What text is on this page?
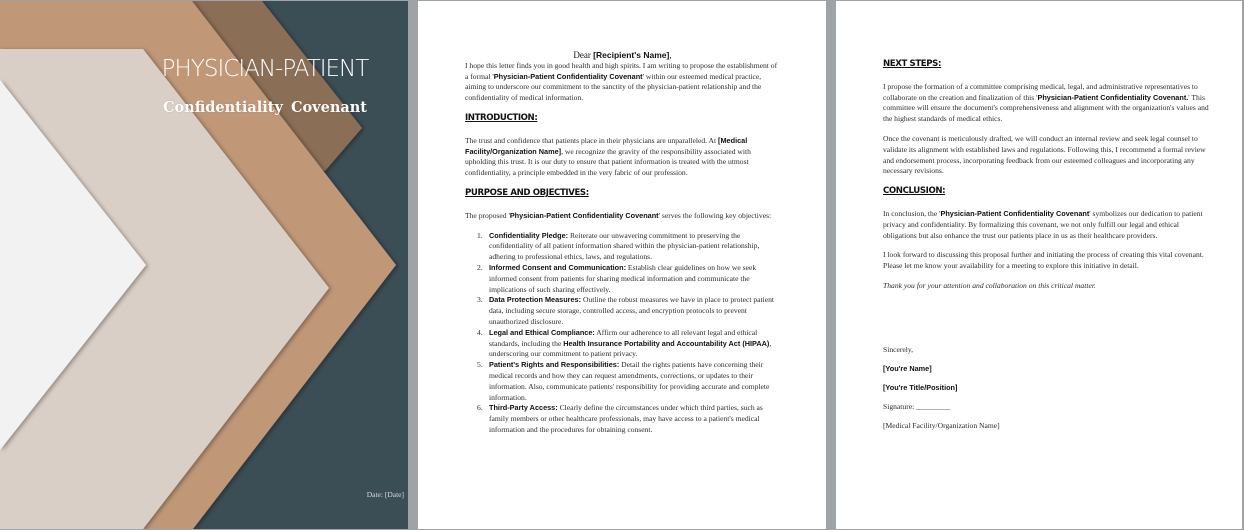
PHYSICIAN-PATIENT
Confidentiality Covenant
Date: [Date]

Dear [Recipient's Name],

I hope this letter finds you in good health and high spirits. I am writing to propose the establishment of a formal 'Physician-Patient Confidentiality Covenant' within our esteemed medical practice, aiming to underscore our commitment to the sanctity of the physician-patient relationship and the confidentiality of medical information.

INTRODUCTION:

The trust and confidence that patients place in their physicians are unparalleled. At [Medical Facility/Organization Name], we recognize the gravity of the responsibility associated with upholding this trust. It is our duty to ensure that patient information is treated with the utmost confidentiality, a principle embedded in the very fabric of our profession.

PURPOSE AND OBJECTIVES:

The proposed 'Physician-Patient Confidentiality Covenant' serves the following key objectives:

1. Confidentiality Pledge: Reiterate our unwavering commitment to preserving the confidentiality of all patient information shared within the physician-patient relationship, adhering to professional ethics, laws, and regulations.
2. Informed Consent and Communication: Establish clear guidelines on how we seek informed consent from patients for sharing medical information and communicate the implications of such sharing effectively.
3. Data Protection Measures: Outline the robust measures we have in place to protect patient data, including secure storage, controlled access, and encryption protocols to prevent unauthorized disclosure.
4. Legal and Ethical Compliance: Affirm our adherence to all relevant legal and ethical standards, including the Health Insurance Portability and Accountability Act (HIPAA), underscoring our commitment to patient privacy.
5. Patient's Rights and Responsibilities: Detail the rights patients have concerning their medical records and how they can request amendments, corrections, or updates to their information. Also, communicate patients' responsibility for providing accurate and complete information.
6. Third-Party Access: Clearly define the circumstances under which third parties, such as family members or other healthcare professionals, may have access to a patient's medical information and the procedures for obtaining consent.

NEXT STEPS:

I propose the formation of a committee comprising medical, legal, and administrative representatives to collaborate on the creation and finalization of this 'Physician-Patient Confidentiality Covenant.' This committee will ensure the document's comprehensiveness and alignment with the organization's values and the highest standards of medical ethics.

Once the covenant is meticulously drafted, we will conduct an internal review and seek legal counsel to validate its alignment with established laws and regulations. Following this, I recommend a formal review and endorsement process, incorporating feedback from our esteemed colleagues and incorporating any necessary revisions.

CONCLUSION:

In conclusion, the 'Physician-Patient Confidentiality Covenant' symbolizes our dedication to patient privacy and confidentiality. By formalizing this covenant, we not only fulfill our legal and ethical obligations but also enhance the trust our patients place in us as their healthcare providers.

I look forward to discussing this proposal further and initiating the process of creating this vital covenant. Please let me know your availability for a meeting to explore this initiative in detail.

Thank you for your attention and collaboration on this critical matter.

Sincerely,

[You're Name]

[You're Title/Position]

Signature: _________

[Medical Facility/Organization Name]
